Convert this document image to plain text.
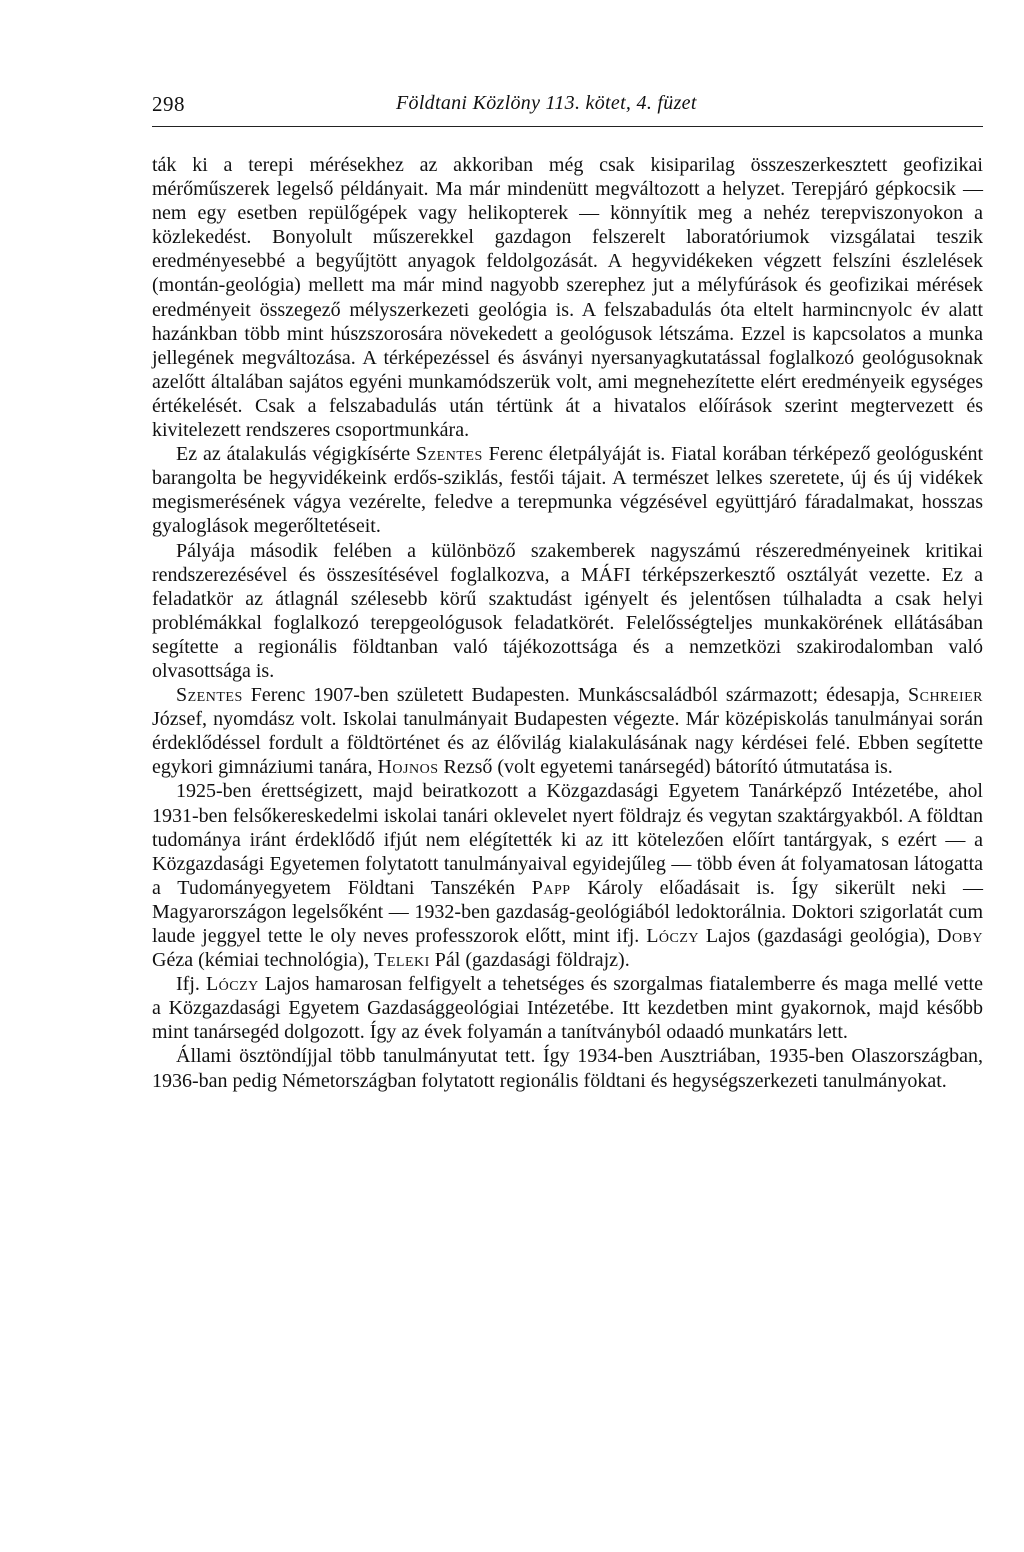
298	Földtani Közlöny 113. kötet, 4. füzet

ták ki a terepi mérésekhez az akkoriban még csak kisiparilag összeszerkesztett geofizikai mérőműszerek legelső példányait. Ma már mindenütt megváltozott a helyzet. Terepjáró gépkocsik — nem egy esetben repülőgépek vagy helikopterek — könnyítik meg a nehéz terepviszonyokon a közlekedést. Bonyolult műszerekkel gazdagon felszerelt laboratóriumok vizsgálatai teszik eredményesebbé a begyűjtött anyagok feldolgozását. A hegyvidékeken végzett felszíni észlelések (montán-geológia) mellett ma már mind nagyobb szerephez jut a mélyfúrások és geofizikai mérések eredményeit összegező mélyszerkezeti geológia is. A felszabadulás óta eltelt harmincnyolc év alatt hazánkban több mint húszszorosára növekedett a geológusok létszáma. Ezzel is kapcsolatos a munka jellegének megváltozása. A térképezéssel és ásványi nyersanyagkutatással foglalkozó geológusoknak azelőtt általában sajátos egyéni munkamódszerük volt, ami megnehezítette elért eredményeik egységes értékelését. Csak a felszabadulás után tértünk át a hivatalos előírások szerint megtervezett és kivitelezett rendszeres csoportmunkára.

Ez az átalakulás végigkísérte Szentes Ferenc életpályáját is. Fiatal korában térképező geológusként barangolta be hegyvidékeink erdős-sziklás, festői tájait. A természet lelkes szeretete, új és új vidékek megismerésének vágya vezérelte, feledve a terepmunka végzésével együttjáró fáradalmakat, hosszas gyaloglások megerőltetéseit.

Pályája második felében a különböző szakemberek nagyszámú részeredményeinek kritikai rendszerezésével és összesítésével foglalkozva, a MÁFI térképszerkesztő osztályát vezette. Ez a feladatkör az átlagnál szélesebb körű szaktudást igényelt és jelentősen túlhaladta a csak helyi problémákkal foglalkozó terepgeológusok feladatkörét. Felelősségteljes munkakörének ellátásában segítette a regionális földtanban való tájékozottsága és a nemzetközi szakirodalomban való olvasottsága is.

Szentes Ferenc 1907-ben született Budapesten. Munkáscsaládból származott; édesapja, Schreier József, nyomdász volt. Iskolai tanulmányait Budapesten végezte. Már középiskolás tanulmányai során érdeklődéssel fordult a földtörténet és az élővilág kialakulásának nagy kérdései felé. Ebben segítette egykori gimnáziumi tanára, Hojnos Rezső (volt egyetemi tanársegéd) bátorító útmutatása is.

1925-ben érettségizett, majd beiratkozott a Közgazdasági Egyetem Tanárképző Intézetébe, ahol 1931-ben felsőkereskedelmi iskolai tanári oklevelet nyert földrajz és vegytan szaktárgyakból. A földtan tudománya iránt érdeklődő ifjút nem elégítették ki az itt kötelezően előírt tantárgyak, s ezért — a Közgazdasági Egyetemen folytatott tanulmányaival egyidejűleg — több éven át folyamatosan látogatta a Tudományegyetem Földtani Tanszékén Papp Károly előadásait is. Így sikerült neki — Magyarországon legelsőként — 1932-ben gazdaság-geológiából ledoktorálnia. Doktori szigorlatát cum laude jeggyel tette le oly neves professzorok előtt, mint ifj. Lóczy Lajos (gazdasági geológia), Doby Géza (kémiai technológia), Teleki Pál (gazdasági földrajz).

Ifj. Lóczy Lajos hamarosan felfigyelt a tehetséges és szorgalmas fiatalemberre és maga mellé vette a Közgazdasági Egyetem Gazdasággeológiai Intézetébe. Itt kezdetben mint gyakornok, majd később mint tanársegéd dolgozott. Így az évek folyamán a tanítványból odaadó munkatárs lett.

Állami ösztöndíjjal több tanulmányutat tett. Így 1934-ben Ausztriában, 1935-ben Olaszországban, 1936-ban pedig Németországban folytatott regionális földtani és hegységszerkezeti tanulmányokat.
